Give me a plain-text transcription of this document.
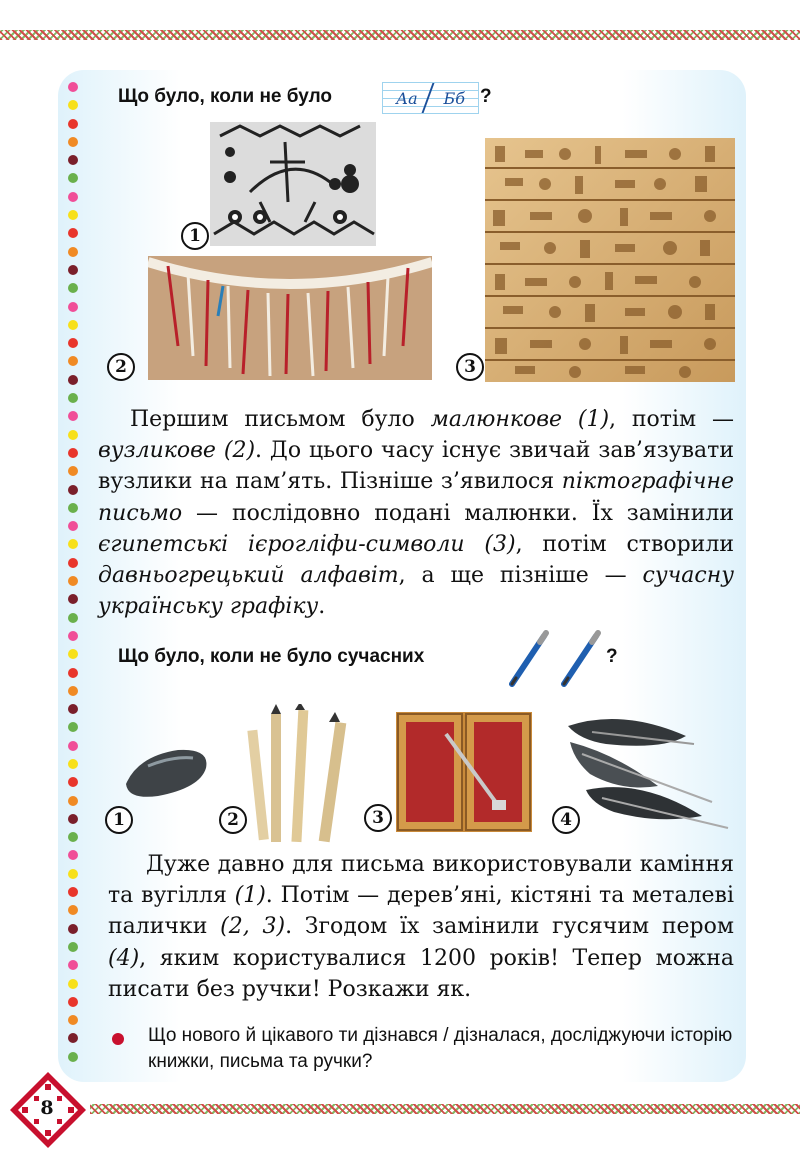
Що було, коли не було	Аа Бб ?
1
2	3
Першим письмом було малюнкове (1), потім — вузликове (2). До цього часу існує звичай зав’язувати вузлики на пам’ять. Пізніше з’явилося піктографічне письмо — послідовно подані малюнки. Їх замінили єгипетські ієрогліфи-символи (3), потім створили давньогрецький алфавіт, а ще пізніше — сучасну українську графіку.
Що було, коли не було сучасних	?
1	2	3	4
Дуже давно для письма використовували каміння та вугілля (1). Потім — дерев’яні, кістяні та металеві палички (2, 3). Згодом їх замінили гусячим пером (4), яким користувалися 1200 років! Тепер можна писати без ручки! Розкажи як.
Що нового й цікавого ти дізнався / дізналася, досліджуючи історію книжки, письма та ручки?
8
